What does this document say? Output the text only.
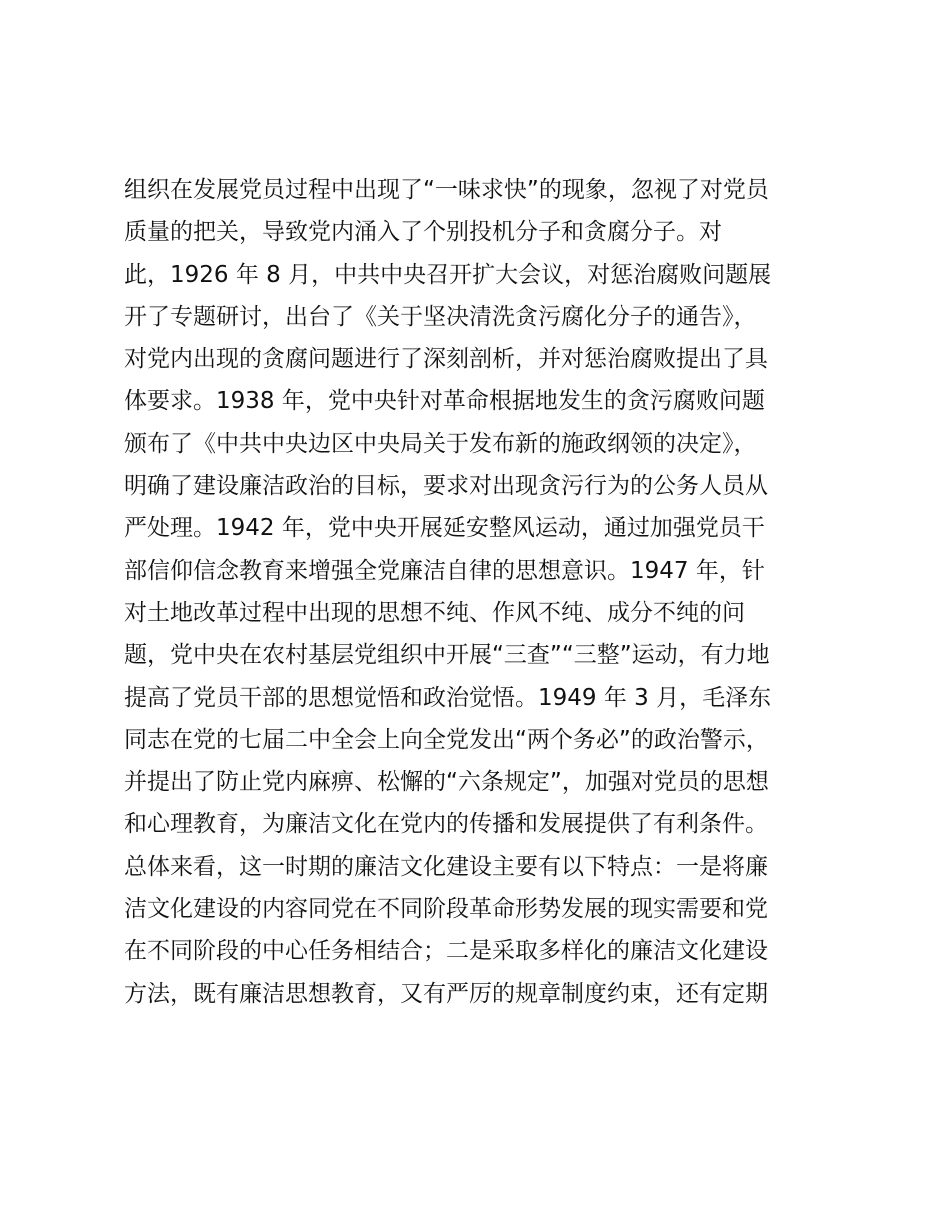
组织在发展党员过程中出现了“一味求快”的现象，忽视了对党员
质量的把关，导致党内涌入了个别投机分子和贪腐分子。对
此，1926 年 8 月，中共中央召开扩大会议，对惩治腐败问题展
开了专题研讨，出台了《关于坚决清洗贪污腐化分子的通告》，
对党内出现的贪腐问题进行了深刻剖析，并对惩治腐败提出了具
体要求。1938 年，党中央针对革命根据地发生的贪污腐败问题
颁布了《中共中央边区中央局关于发布新的施政纲领的决定》，
明确了建设廉洁政治的目标，要求对出现贪污行为的公务人员从
严处理。1942 年，党中央开展延安整风运动，通过加强党员干
部信仰信念教育来增强全党廉洁自律的思想意识。1947 年，针
对土地改革过程中出现的思想不纯、作风不纯、成分不纯的问
题，党中央在农村基层党组织中开展“三查”“三整”运动，有力地
提高了党员干部的思想觉悟和政治觉悟。1949 年 3 月，毛泽东
同志在党的七届二中全会上向全党发出“两个务必”的政治警示，
并提出了防止党内麻痹、松懈的“六条规定”，加强对党员的思想
和心理教育，为廉洁文化在党内的传播和发展提供了有利条件。
总体来看，这一时期的廉洁文化建设主要有以下特点：一是将廉
洁文化建设的内容同党在不同阶段革命形势发展的现实需要和党
在不同阶段的中心任务相结合；二是采取多样化的廉洁文化建设
方法，既有廉洁思想教育，又有严厉的规章制度约束，还有定期
